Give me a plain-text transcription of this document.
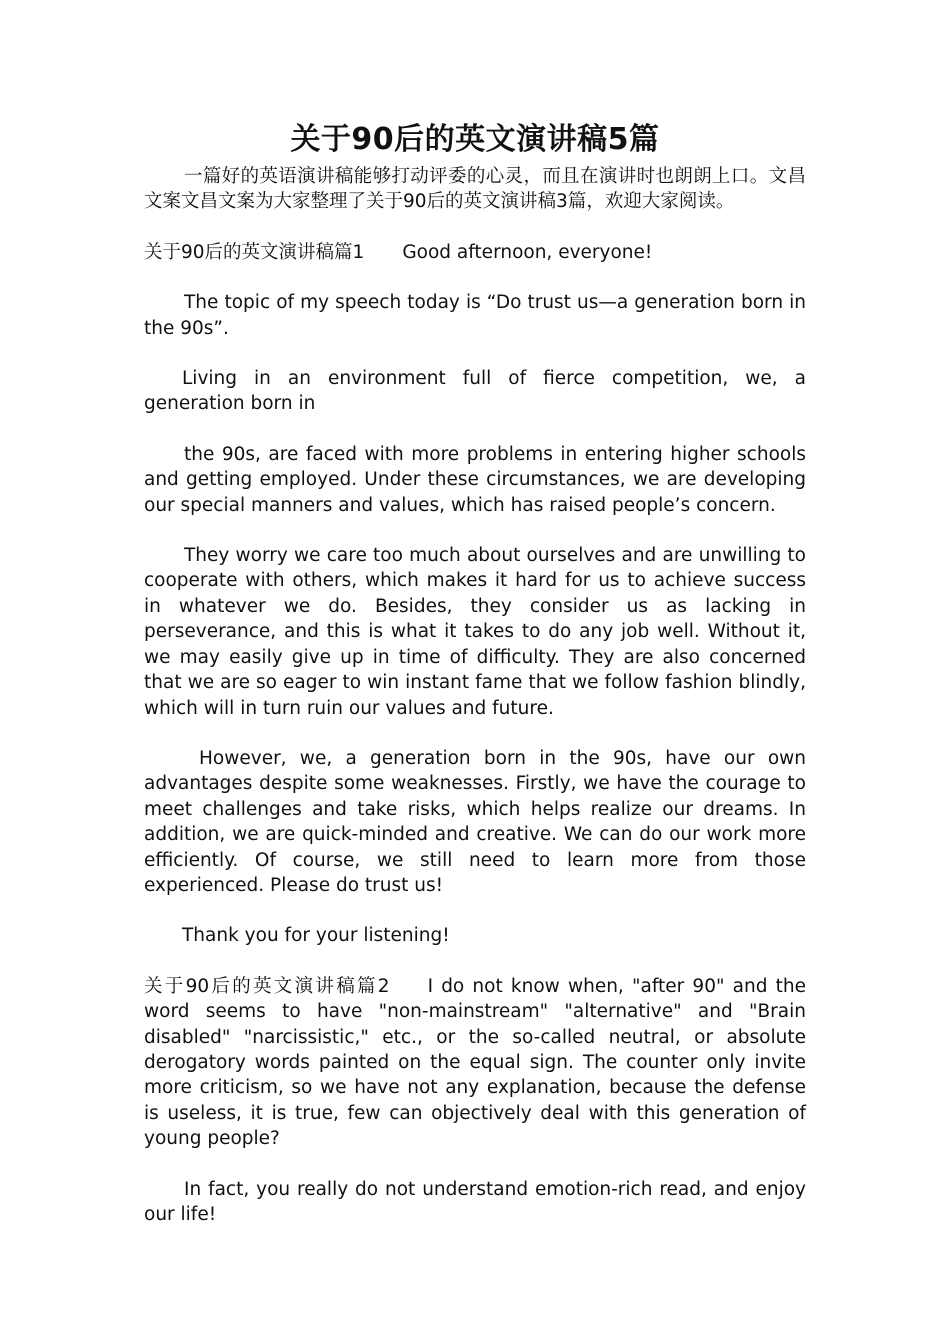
关于90后的英文演讲稿5篇

一篇好的英语演讲稿能够打动评委的心灵，而且在演讲时也朗朗上口。文昌文案文昌文案为大家整理了关于90后的英文演讲稿3篇，欢迎大家阅读。

关于90后的英文演讲稿篇1 Good afternoon, everyone!

The topic of my speech today is “Do trust us—a generation born in the 90s”.

Living in an environment full of fierce competition, we, a generation born in

the 90s, are faced with more problems in entering higher schools and getting employed. Under these circumstances, we are developing our special manners and values, which has raised people’s concern.

They worry we care too much about ourselves and are unwilling to cooperate with others, which makes it hard for us to achieve success in whatever we do. Besides, they consider us as lacking in perseverance, and this is what it takes to do any job well. Without it, we may easily give up in time of difficulty. They are also concerned that we are so eager to win instant fame that we follow fashion blindly, which will in turn ruin our values and future.

However, we, a generation born in the 90s, have our own advantages despite some weaknesses. Firstly, we have the courage to meet challenges and take risks, which helps realize our dreams. In addition, we are quick-minded and creative. We can do our work more efficiently. Of course, we still need to learn more from those experienced. Please do trust us!

Thank you for your listening!

关于90后的英文演讲稿篇2 I do not know when, "after 90" and the word seems to have "non-mainstream" "alternative" and "Brain disabled" "narcissistic," etc., or the so-called neutral, or absolute derogatory words painted on the equal sign. The counter only invite more criticism, so we have not any explanation, because the defense is useless, it is true, few can objectively deal with this generation of young people?

In fact, you really do not understand emotion-rich read, and enjoy our life!
